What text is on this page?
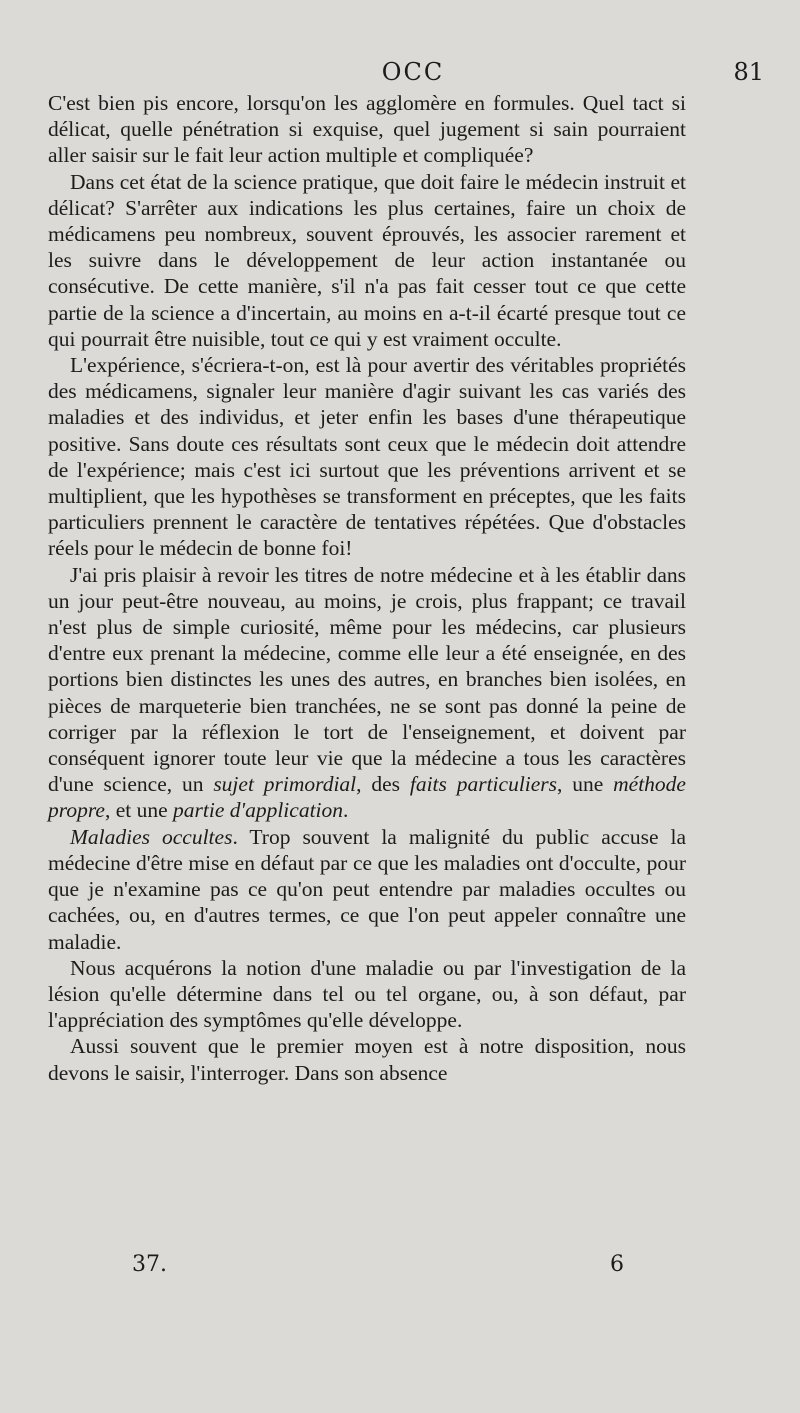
OCC	81

C'est bien pis encore, lorsqu'on les agglomère en formules. Quel tact si délicat, quelle pénétration si exquise, quel jugement si sain pourraient aller saisir sur le fait leur action multiple et compliquée?

Dans cet état de la science pratique, que doit faire le médecin instruit et délicat? S'arrêter aux indications les plus certaines, faire un choix de médicamens peu nombreux, souvent éprouvés, les associer rarement et les suivre dans le développement de leur action instantanée ou consécutive. De cette manière, s'il n'a pas fait cesser tout ce que cette partie de la science a d'incertain, au moins en a-t-il écarté presque tout ce qui pourrait être nuisible, tout ce qui y est vraiment occulte.

L'expérience, s'écriera-t-on, est là pour avertir des véritables propriétés des médicamens, signaler leur manière d'agir suivant les cas variés des maladies et des individus, et jeter enfin les bases d'une thérapeutique positive. Sans doute ces résultats sont ceux que le médecin doit attendre de l'expérience; mais c'est ici surtout que les préventions arrivent et se multiplient, que les hypothèses se transforment en préceptes, que les faits particuliers prennent le caractère de tentatives répétées. Que d'obstacles réels pour le médecin de bonne foi!

J'ai pris plaisir à revoir les titres de notre médecine et à les établir dans un jour peut-être nouveau, au moins, je crois, plus frappant; ce travail n'est plus de simple curiosité, même pour les médecins, car plusieurs d'entre eux prenant la médecine, comme elle leur a été enseignée, en des portions bien distinctes les unes des autres, en branches bien isolées, en pièces de marqueterie bien tranchées, ne se sont pas donné la peine de corriger par la réflexion le tort de l'enseignement, et doivent par conséquent ignorer toute leur vie que la médecine a tous les caractères d'une science, un sujet primordial, des faits particuliers, une méthode propre, et une partie d'application.

Maladies occultes. Trop souvent la malignité du public accuse la médecine d'être mise en défaut par ce que les maladies ont d'occulte, pour que je n'examine pas ce qu'on peut entendre par maladies occultes ou cachées, ou, en d'autres termes, ce que l'on peut appeler connaître une maladie.

Nous acquérons la notion d'une maladie ou par l'investigation de la lésion qu'elle détermine dans tel ou tel organe, ou, à son défaut, par l'appréciation des symptômes qu'elle développe.

Aussi souvent que le premier moyen est à notre disposition, nous devons le saisir, l'interroger. Dans son absence

37.	6
